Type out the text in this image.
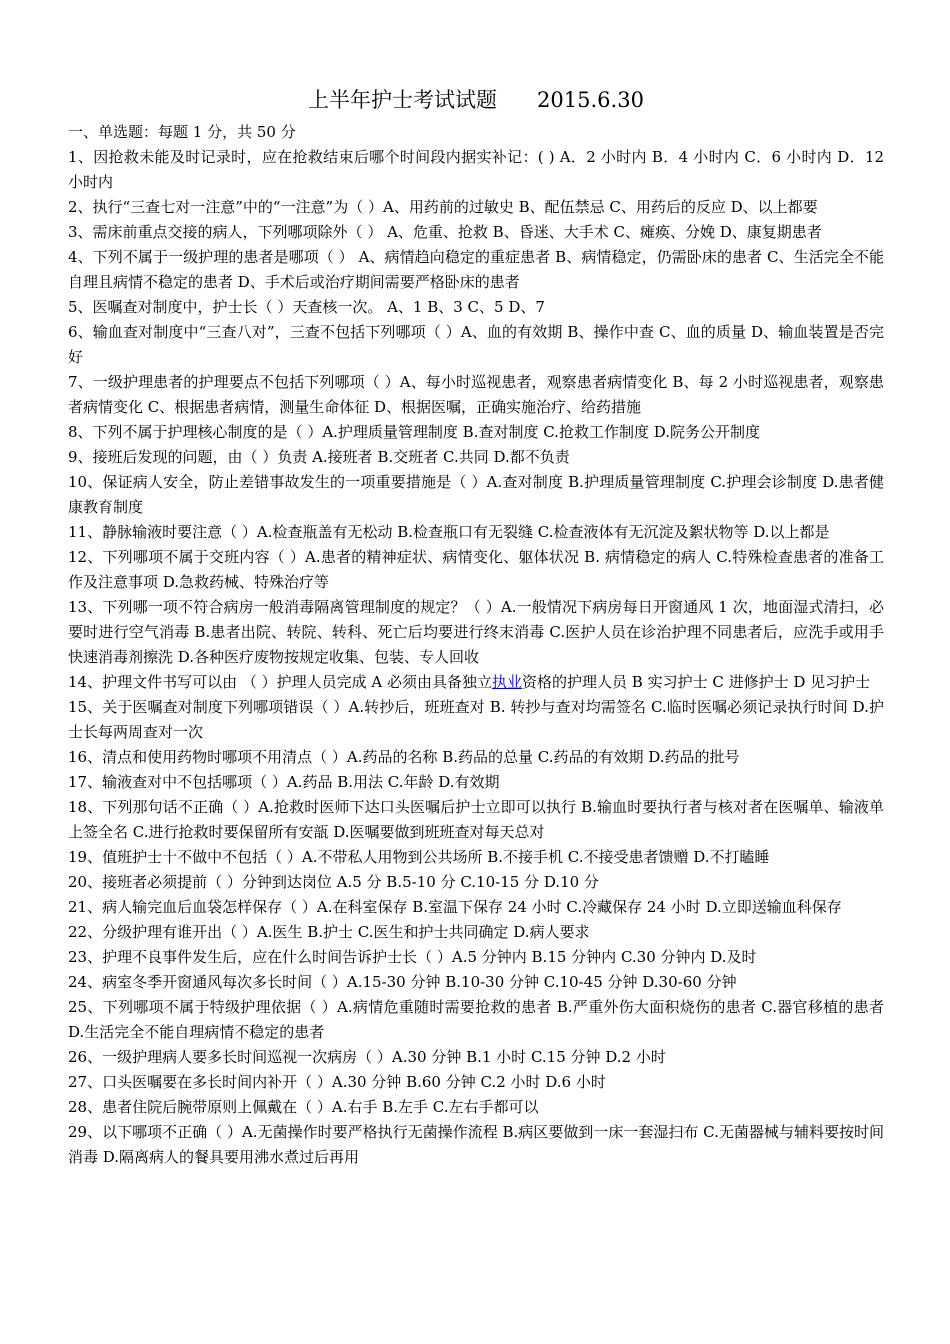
上半年护士考试试题 2015.6.30
一、单选题：每题 1 分，共 50 分

1、因抢救未能及时记录时，应在抢救结束后哪个时间段内据实补记：( ) A．2 小时内 B．4 小时内 C．6 小时内 D．12 小时内

2、执行“三查七对一注意”中的“一注意”为（ ）A、用药前的过敏史 B、配伍禁忌 C、用药后的反应 D、以上都要

3、需床前重点交接的病人，下列哪项除外（ ） A、危重、抢救 B、昏迷、大手术 C、瘫痪、分娩 D、康复期患者

4、下列不属于一级护理的患者是哪项（ ） A、病情趋向稳定的重症患者 B、病情稳定，仍需卧床的患者 C、生活完全不能自理且病情不稳定的患者 D、手术后或治疗期间需要严格卧床的患者

5、医嘱查对制度中，护士长（ ）天查核一次。 A、1 B、3 C、5 D、7

6、输血查对制度中“三查八对”，三查不包括下列哪项（ ）A、血的有效期 B、操作中查 C、血的质量 D、输血装置是否完好

7、一级护理患者的护理要点不包括下列哪项（ ）A、每小时巡视患者，观察患者病情变化 B、每 2 小时巡视患者，观察患者病情变化 C、根据患者病情，测量生命体征 D、根据医嘱，正确实施治疗、给药措施

8、下列不属于护理核心制度的是（ ）A.护理质量管理制度 B.查对制度 C.抢救工作制度 D.院务公开制度

9、接班后发现的问题，由（ ）负责 A.接班者 B.交班者 C.共同 D.都不负责

10、保证病人安全，防止差错事故发生的一项重要措施是（ ）A.查对制度 B.护理质量管理制度 C.护理会诊制度 D.患者健康教育制度

11、静脉输液时要注意（ ）A.检查瓶盖有无松动 B.检查瓶口有无裂缝 C.检查液体有无沉淀及絮状物等 D.以上都是

12、下列哪项不属于交班内容（ ）A.患者的精神症状、病情变化、躯体状况 B. 病情稳定的病人 C.特殊检查患者的准备工作及注意事项 D.急救药械、特殊治疗等

13、下列哪一项不符合病房一般消毒隔离管理制度的规定？（ ）A.一般情况下病房每日开窗通风 1 次，地面湿式清扫，必要时进行空气消毒 B.患者出院、转院、转科、死亡后均要进行终末消毒 C.医护人员在诊治护理不同患者后，应洗手或用手快速消毒剂擦洗 D.各种医疗废物按规定收集、包装、专人回收

14、护理文件书写可以由 （ ）护理人员完成 A 必须由具备独立执业资格的护理人员 B 实习护士 C 进修护士 D 见习护士

15、关于医嘱查对制度下列哪项错误（ ）A.转抄后，班班查对 B. 转抄与查对均需签名 C.临时医嘱必须记录执行时间 D.护士长每两周查对一次

16、清点和使用药物时哪项不用清点（ ）A.药品的名称 B.药品的总量 C.药品的有效期 D.药品的批号

17、输液查对中不包括哪项（ ）A.药品 B.用法 C.年龄 D.有效期

18、下列那句话不正确（ ）A.抢救时医师下达口头医嘱后护士立即可以执行 B.输血时要执行者与核对者在医嘱单、输液单上签全名 C.进行抢救时要保留所有安瓿 D.医嘱要做到班班查对每天总对

19、值班护士十不做中不包括（ ）A.不带私人用物到公共场所 B.不接手机 C.不接受患者馈赠 D.不打瞌睡

20、接班者必须提前（ ）分钟到达岗位 A.5 分 B.5-10 分 C.10-15 分 D.10 分

21、病人输完血后血袋怎样保存（ ）A.在科室保存 B.室温下保存 24 小时 C.冷藏保存 24 小时 D.立即送输血科保存

22、分级护理有谁开出（ ）A.医生 B.护士 C.医生和护士共同确定 D.病人要求

23、护理不良事件发生后，应在什么时间告诉护士长（ ）A.5 分钟内 B.15 分钟内 C.30 分钟内 D.及时

24、病室冬季开窗通风每次多长时间（ ）A.15-30 分钟 B.10-30 分钟 C.10-45 分钟 D.30-60 分钟

25、下列哪项不属于特级护理依据（ ）A.病情危重随时需要抢救的患者 B.严重外伤大面积烧伤的患者 C.器官移植的患者 D.生活完全不能自理病情不稳定的患者

26、一级护理病人要多长时间巡视一次病房（ ）A.30 分钟 B.1 小时 C.15 分钟 D.2 小时

27、口头医嘱要在多长时间内补开（ ）A.30 分钟 B.60 分钟 C.2 小时 D.6 小时

28、患者住院后腕带原则上佩戴在（ ）A.右手 B.左手 C.左右手都可以

29、以下哪项不正确（ ）A.无菌操作时要严格执行无菌操作流程 B.病区要做到一床一套湿扫布 C.无菌器械与辅料要按时间消毒 D.隔离病人的餐具要用沸水煮过后再用
